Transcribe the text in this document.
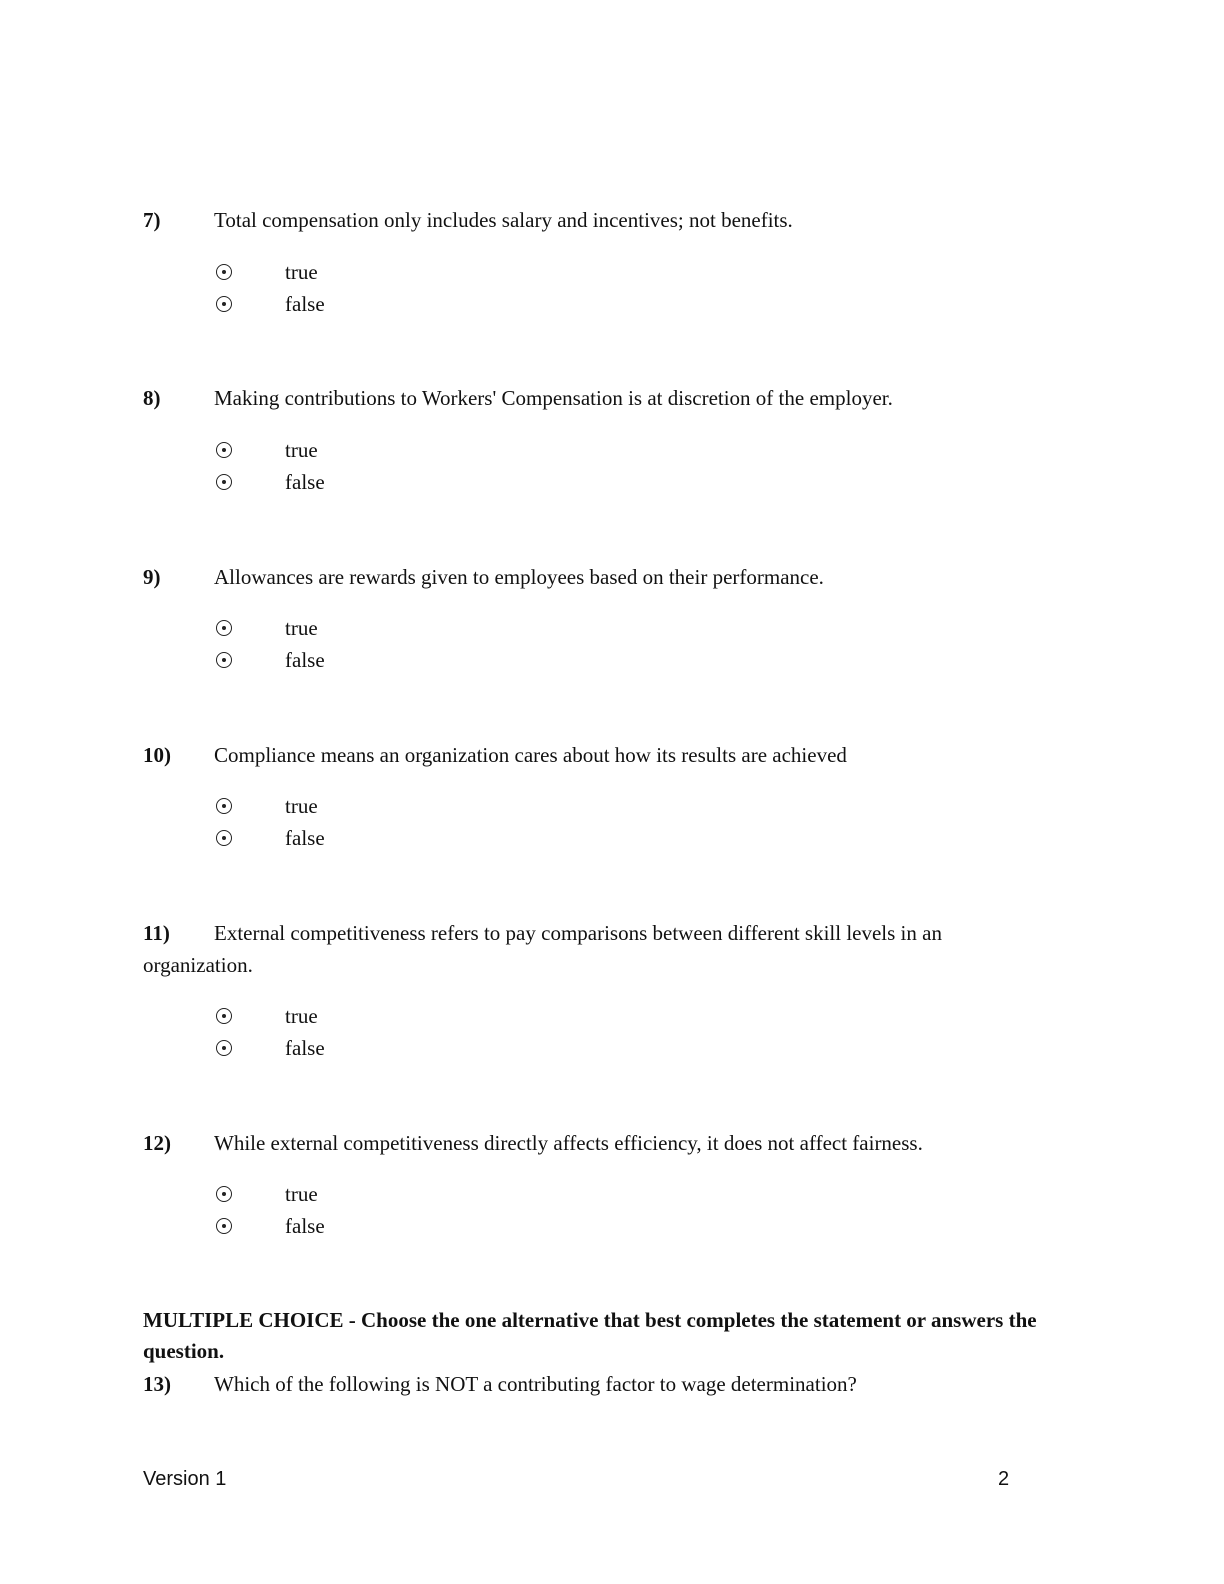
7)	Total compensation only includes salary and incentives; not benefits.
true
false
8)	Making contributions to Workers' Compensation is at discretion of the employer.
true
false
9)	Allowances are rewards given to employees based on their performance.
true
false
10) Compliance means an organization cares about how its results are achieved
true
false
11) External competitiveness refers to pay comparisons between different skill levels in an organization.
true
false
12) While external competitiveness directly affects efficiency, it does not affect fairness.
true
false
MULTIPLE CHOICE - Choose the one alternative that best completes the statement or answers the question.
13) Which of the following is NOT a contributing factor to wage determination?
Version 1	2
